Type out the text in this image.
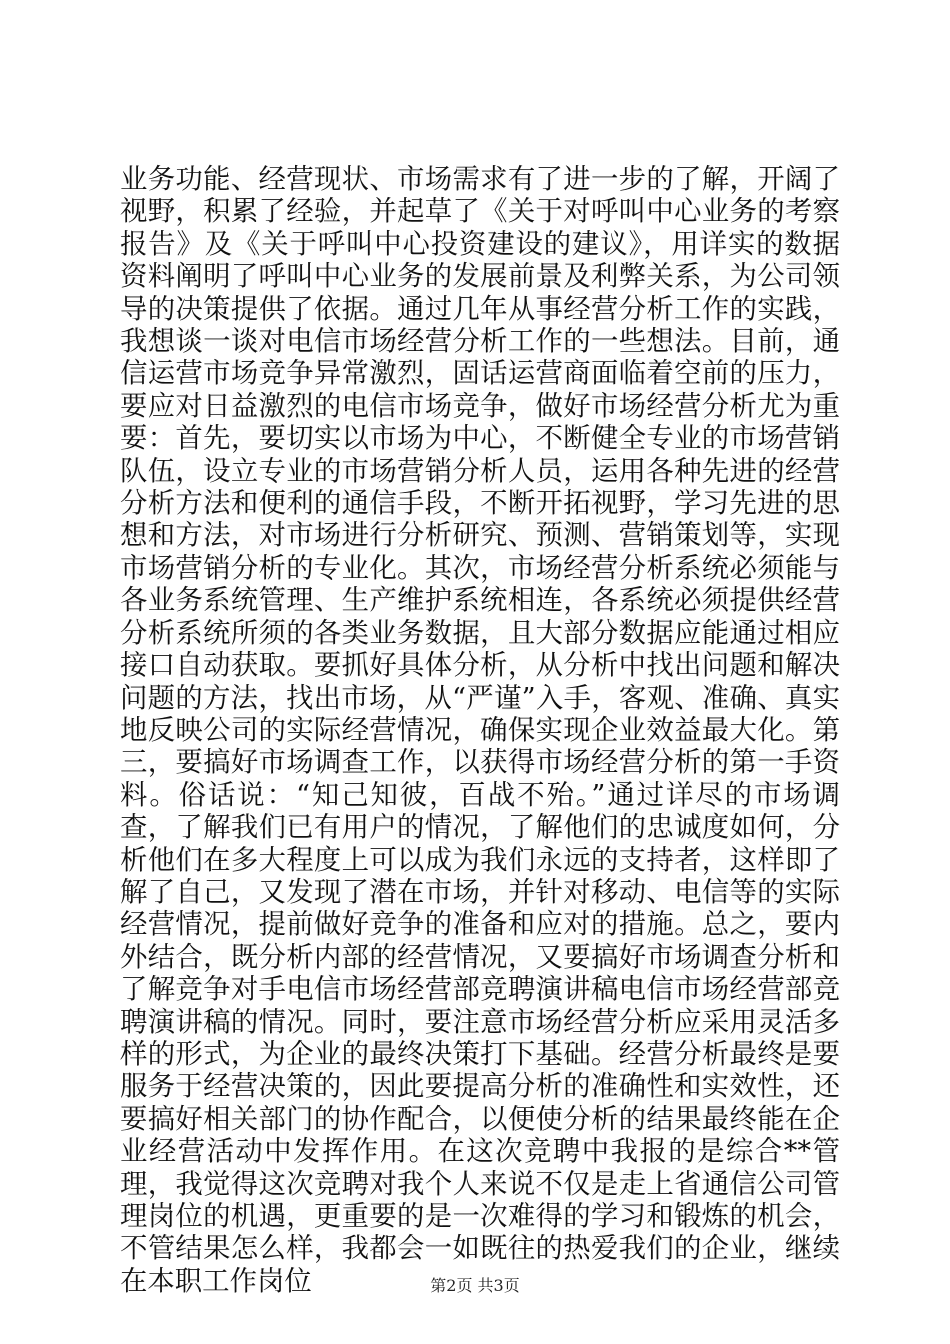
业务功能、经营现状、市场需求有了进一步的了解，开阔了视野，积累了经验，并起草了《关于对呼叫中心业务的考察报告》及《关于呼叫中心投资建设的建议》，用详实的数据资料阐明了呼叫中心业务的发展前景及利弊关系，为公司领导的决策提供了依据。通过几年从事经营分析工作的实践，我想谈一谈对电信市场经营分析工作的一些想法。目前，通信运营市场竞争异常激烈，固话运营商面临着空前的压力，要应对日益激烈的电信市场竞争，做好市场经营分析尤为重要：首先，要切实以市场为中心，不断健全专业的市场营销队伍，设立专业的市场营销分析人员，运用各种先进的经营分析方法和便利的通信手段，不断开拓视野，学习先进的思想和方法，对市场进行分析研究、预测、营销策划等，实现市场营销分析的专业化。其次，市场经营分析系统必须能与各业务系统管理、生产维护系统相连，各系统必须提供经营分析系统所须的各类业务数据，且大部分数据应能通过相应接口自动获取。要抓好具体分析，从分析中找出问题和解决问题的方法，找出市场，从“严谨”入手，客观、准确、真实地反映公司的实际经营情况，确保实现企业效益最大化。第三，要搞好市场调查工作，以获得市场经营分析的第一手资料。俗话说：“知己知彼，百战不殆。”通过详尽的市场调查，了解我们已有用户的情况，了解他们的忠诚度如何，分析他们在多大程度上可以成为我们永远的支持者，这样即了解了自己，又发现了潜在市场，并针对移动、电信等的实际经营情况，提前做好竞争的准备和应对的措施。总之，要内外结合，既分析内部的经营情况，又要搞好市场调查分析和了解竞争对手电信市场经营部竞聘演讲稿电信市场经营部竞聘演讲稿的情况。同时，要注意市场经营分析应采用灵活多样的形式，为企业的最终决策打下基础。经营分析最终是要服务于经营决策的，因此要提高分析的准确性和实效性，还要搞好相关部门的协作配合，以便使分析的结果最终能在企业经营活动中发挥作用。在这次竞聘中我报的是综合**管理，我觉得这次竞聘对我个人来说不仅是走上省通信公司管理岗位的机遇，更重要的是一次难得的学习和锻炼的机会，不管结果怎么样，我都会一如既往的热爱我们的企业，继续在本职工作岗位	第2页 共3页
